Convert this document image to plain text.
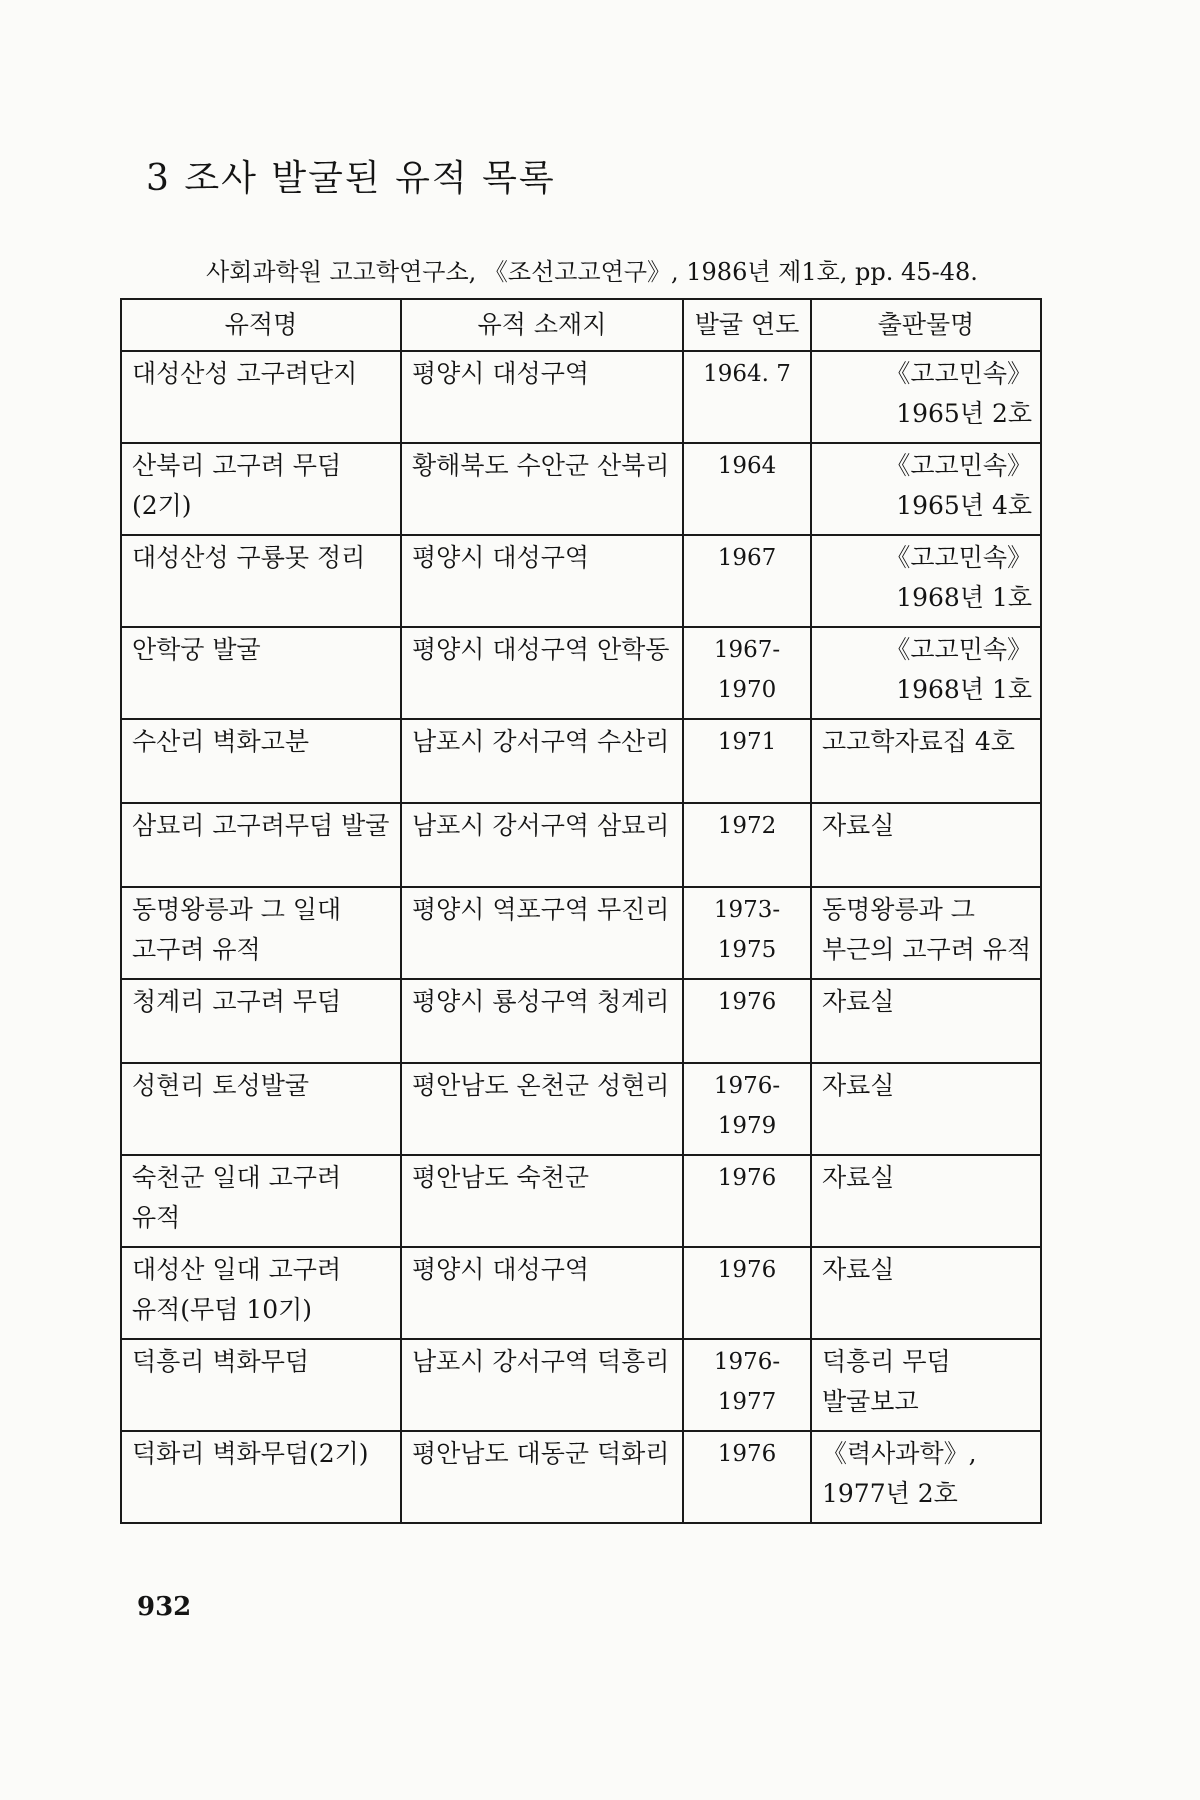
3 조사 발굴된 유적 목록
사회과학원 고고학연구소, 《조선고고연구》, 1986년 제1호, pp. 45-48.
유적명	유적 소재지	발굴 연도	출판물명
대성산성 고구려단지	평양시 대성구역	1964. 7	《고고민속》 1965년 2호
산북리 고구려 무덤 (2기)	황해북도 수안군 산북리	1964	《고고민속》 1965년 4호
대성산성 구룡못 정리	평양시 대성구역	1967	《고고민속》 1968년 1호
안학궁 발굴	평양시 대성구역 안학동	1967-1970	《고고민속》 1968년 1호
수산리 벽화고분	남포시 강서구역 수산리	1971	고고학자료집 4호
삼묘리 고구려무덤 발굴	남포시 강서구역 삼묘리	1972	자료실
동명왕릉과 그 일대 고구려 유적	평양시 역포구역 무진리	1973-1975	동명왕릉과 그 부근의 고구려 유적
청계리 고구려 무덤	평양시 룡성구역 청계리	1976	자료실
성현리 토성발굴	평안남도 온천군 성현리	1976-1979	자료실
숙천군 일대 고구려 유적	평안남도 숙천군	1976	자료실
대성산 일대 고구려 유적(무덤 10기)	평양시 대성구역	1976	자료실
덕흥리 벽화무덤	남포시 강서구역 덕흥리	1976-1977	덕흥리 무덤 발굴보고
덕화리 벽화무덤(2기)	평안남도 대동군 덕화리	1976	《력사과학》, 1977년 2호
932
